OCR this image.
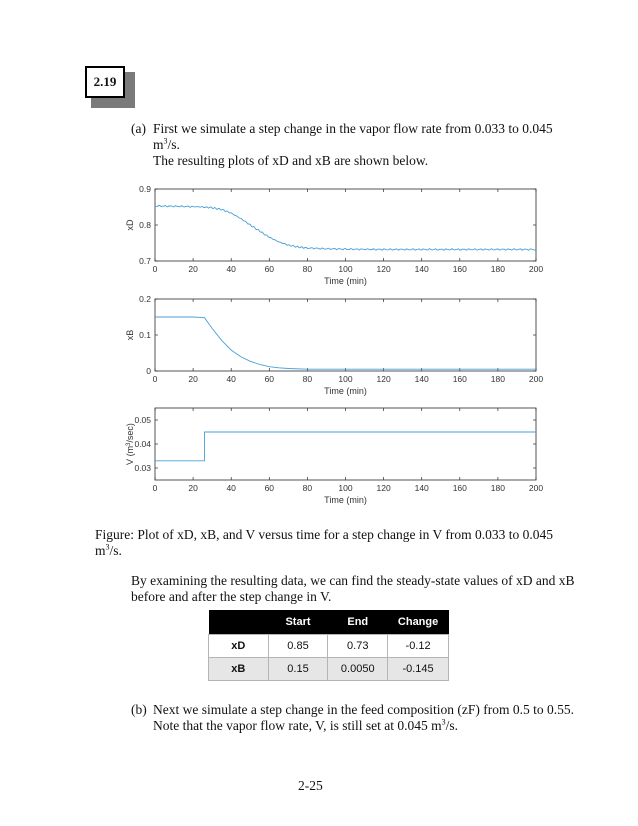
2.19
(a) First we simulate a step change in the vapor flow rate from 0.033 to 0.045
$m^3/s$.
The resulting plots of xD and xB are shown below.
0	20	40	60	80	100	120	140	160	180	200
0.7
0.8
0.9
Time (min)
xD
0	20	40	60	80	100	120	140	160	180	200
0
0.1
0.2
Time (min)
xB
0	20	40	60	80	100	120	140	160	180	200
0.03
0.04
0.05
Time (min)
V $(m^3/\sec)$
Figure: Plot of xD, xB, and V versus time for a step change in V from 0.033 to 0.045
$m^3/s$.
By examining the resulting data, we can find the steady-state values of xD and xB
before and after the step change in V.
	Start	End	Change
xD	0.85	0.73	-0.12
xB	0.15	0.0050	-0.145
(b) Next we simulate a step change in the feed composition (zF) from 0.5 to 0.55.
Note that the vapor flow rate, V, is still set at 0.045 $m^3/s$.
2-25
